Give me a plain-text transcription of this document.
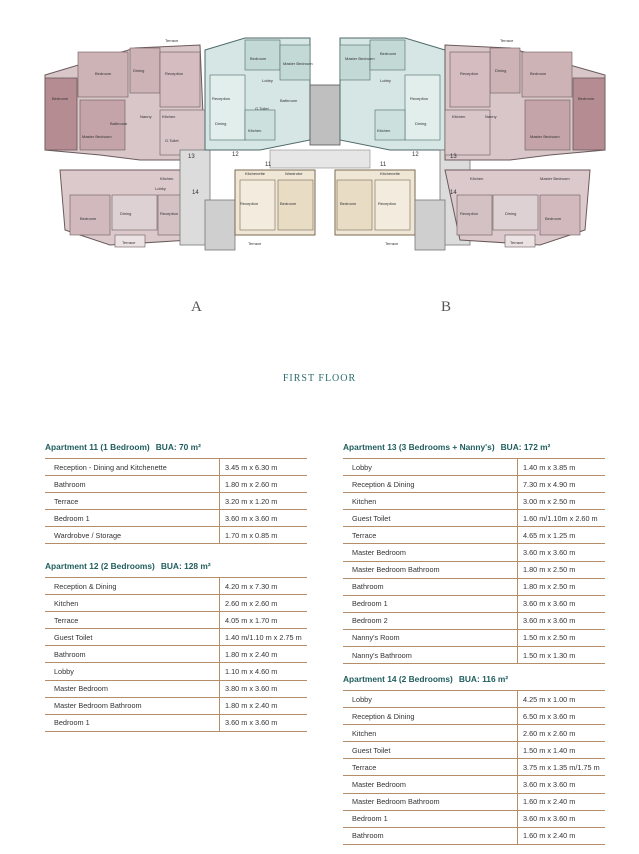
Terrace
Bedroom
Bedroom
Dining
Reception
Master Bedroom
Kitchen
G.Toilet
Bathroom
Nanny
Bedroom
Dining	Reception
Terrace
Kitchen
Lobby
Bedroom
Master Bedroom
Reception
Dining
Kitchen
Lobby
G.Toilet
Bathroom
Reception	Bedroom
Kitchenette	Wardrobe
Terrace
Master Bedroom
Bedroom
Reception
Dining
Kitchen
Lobby
Bedroom	Reception
Kitchenette
Terrace
Reception
Dining
Bedroom
Bedroom
Master Bedroom
Kitchen	Nanny
Terrace
Bedroom
Dining
Reception
Terrace
Kitchen	Master Bedroom
13	12
11
14
11
12	13
14
A	B
FIRST FLOOR
Apartment 11 (1 Bedroom) BUA: 70 m²
Reception - Dining and Kitchenette	3.45 m x 6.30 m
Bathroom	1.80 m x 2.60 m
Terrace	3.20 m x 1.20 m
Bedroom 1	3.60 m x 3.60 m
Wardrobve / Storage	1.70 m x 0.85 m
Apartment 12 (2 Bedrooms) BUA: 128 m²
Reception & Dining	4.20 m x 7.30 m
Kitchen	2.60 m x 2.60 m
Terrace	4.05 m x 1.70 m
Guest Toilet	1.40 m/1.10 m x 2.75 m
Bathroom	1.80 m x 2.40 m
Lobby	1.10 m x 4.60 m
Master Bedroom	3.80 m x 3.60 m
Master Bedroom Bathroom	1.80 m x 2.40 m
Bedroom 1	3.60 m x 3.60 m
Apartment 13 (3 Bedrooms + Nanny's) BUA: 172 m²
Lobby	1.40 m x 3.85 m
Reception & Dining	7.30 m x 4.90 m
Kitchen	3.00 m x 2.50 m
Guest Toilet	1.60 m/1.10m x 2.60 m
Terrace	4.65 m x 1.25 m
Master Bedroom	3.60 m x 3.60 m
Master Bedroom Bathroom	1.80 m x 2.50 m
Bathroom	1.80 m x 2.50 m
Bedroom 1	3.60 m x 3.60 m
Bedroom 2	3.60 m x 3.60 m
Nanny's Room	1.50 m x 2.50 m
Nanny's Bathroom	1.50 m x 1.30 m
Apartment 14 (2 Bedrooms) BUA: 116 m²
Lobby	4.25 m x 1.00 m
Reception & Dining	6.50 m x 3.60 m
Kitchen	2.60 m x 2.60 m
Guest Toilet	1.50 m x 1.40 m
Terrace	3.75 m x 1.35 m/1.75 m
Master Bedroom	3.60 m x 3.60 m
Master Bedroom Bathroom	1.60 m x 2.40 m
Bedroom 1	3.60 m x 3.60 m
Bathroom	1.60 m x 2.40 m
